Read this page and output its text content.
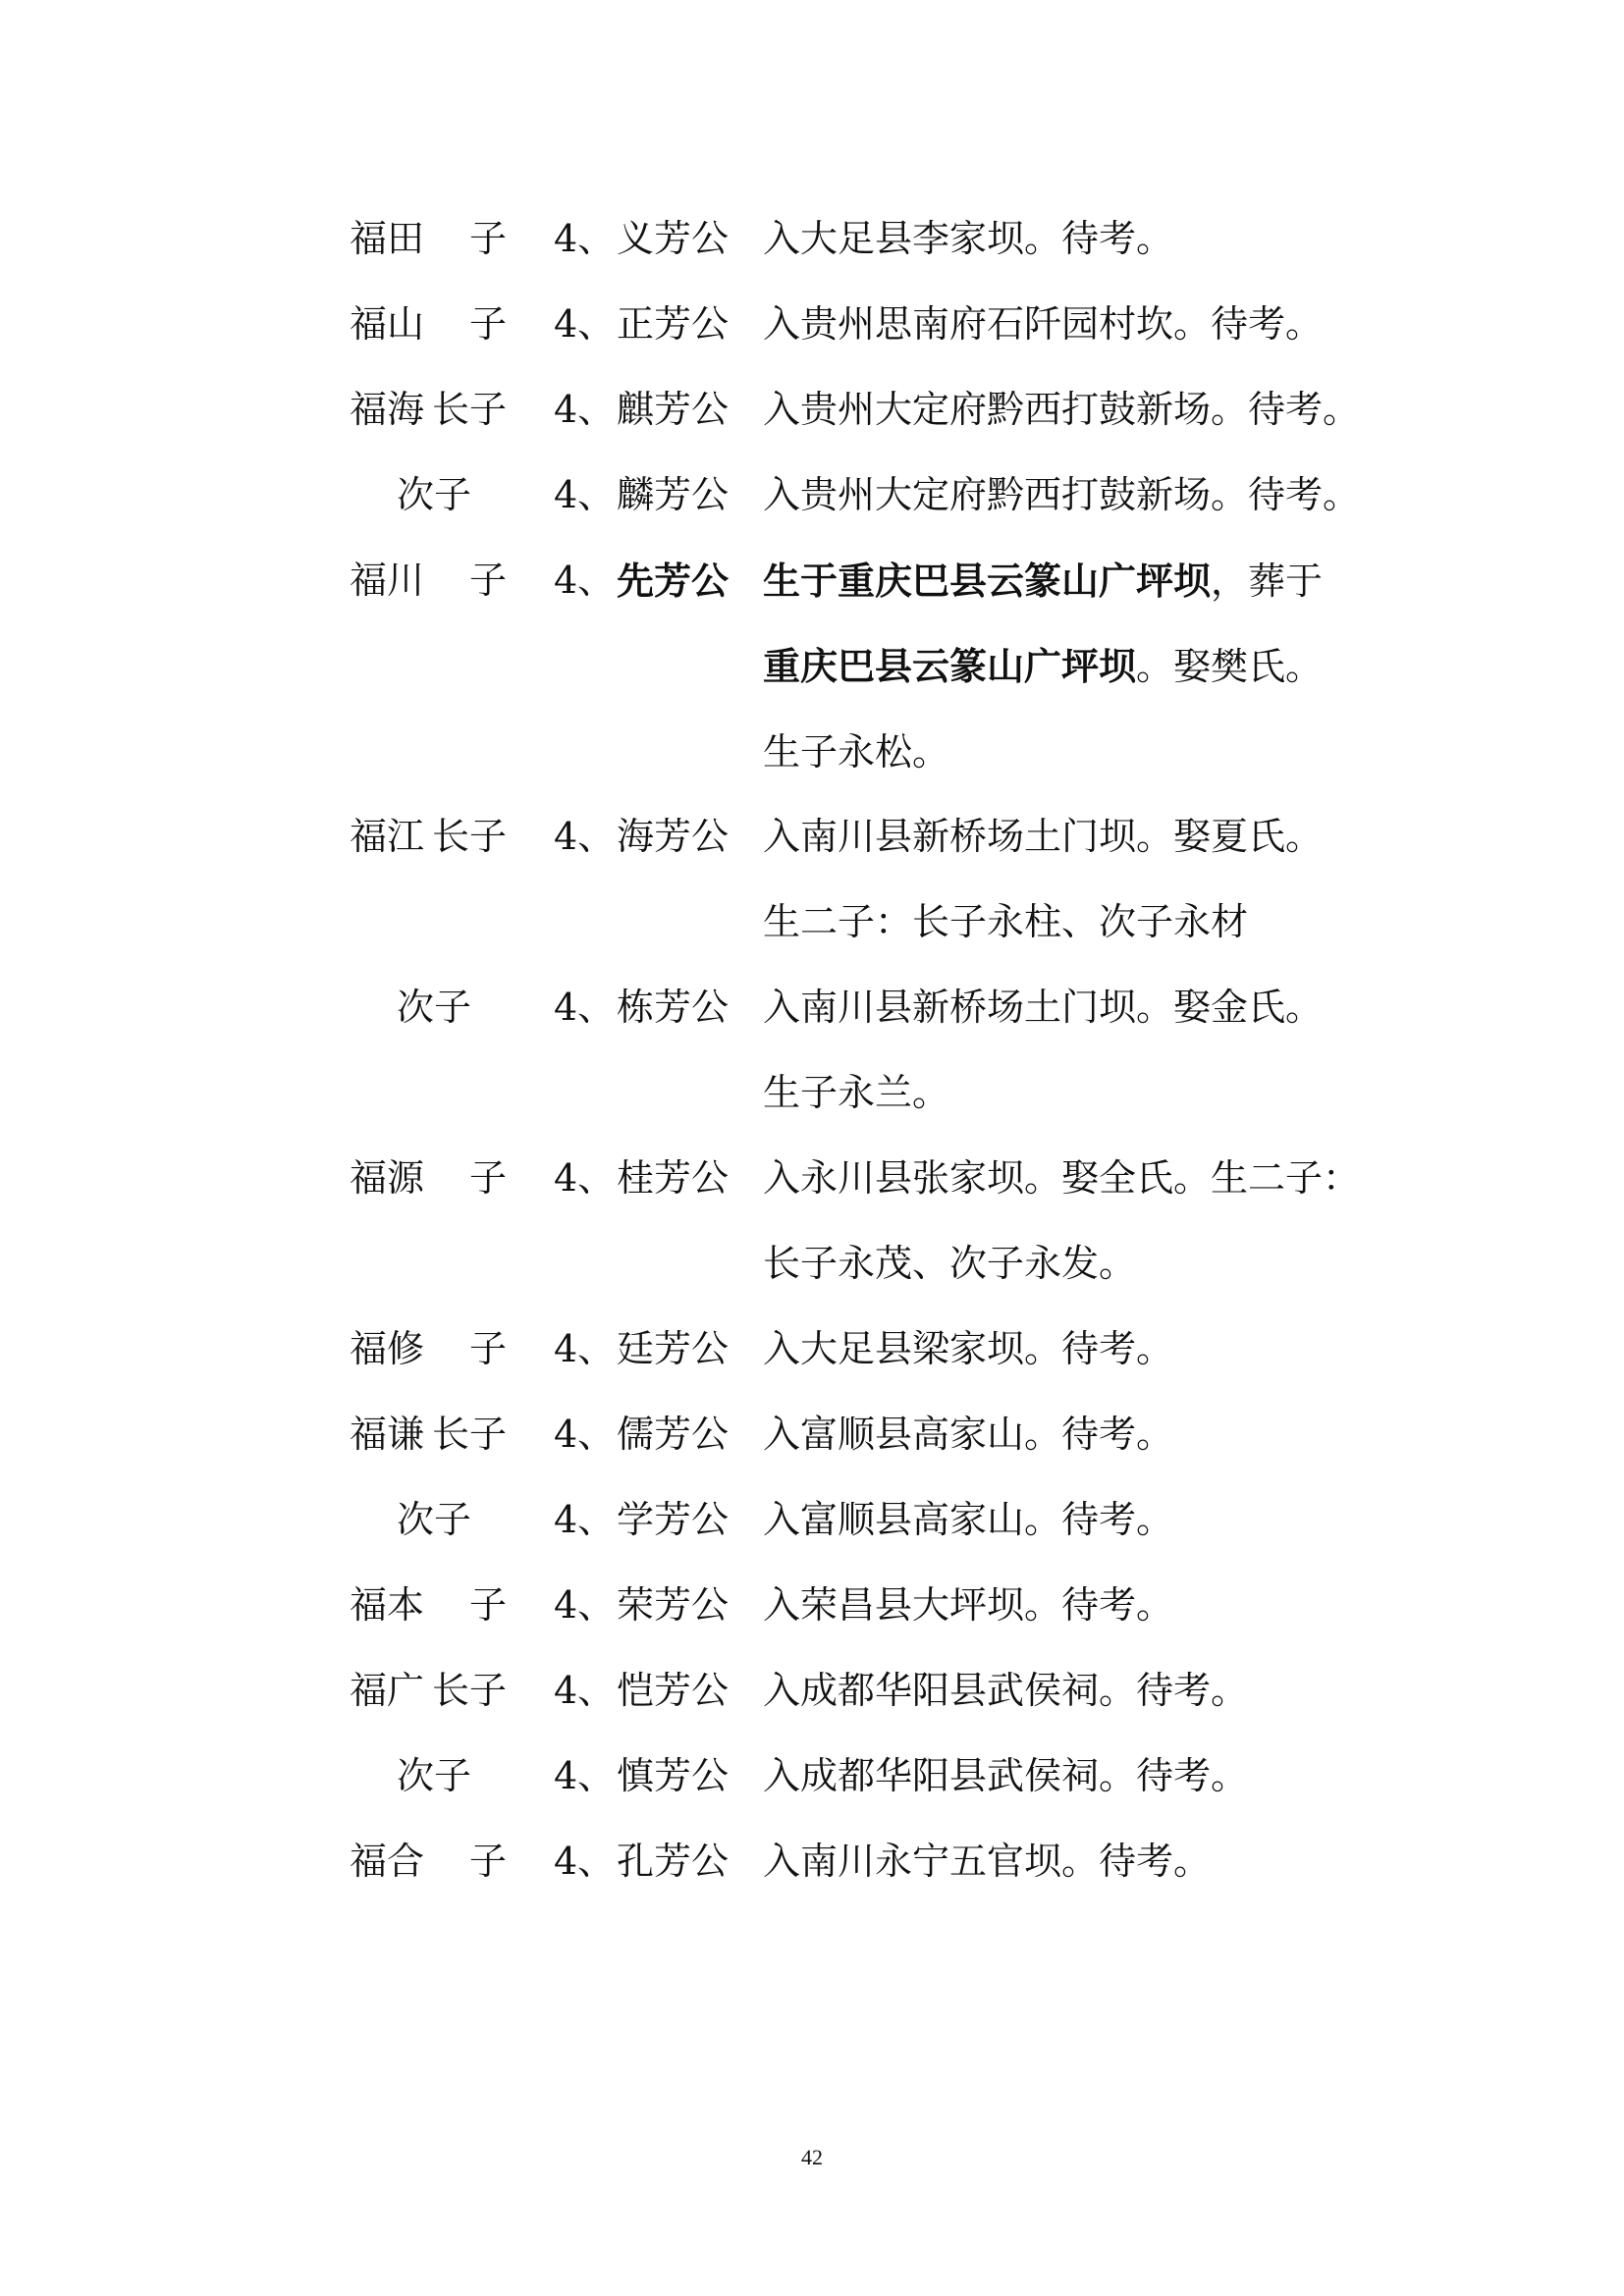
福田 子 4、 义芳公 入大足县李家坝。待考。
福山 子 4、 正芳公 入贵州思南府石阡园村坎。待考。
福海 长子 4、 麒芳公 入贵州大定府黔西打鼓新场。待考。
次子 4、 麟芳公 入贵州大定府黔西打鼓新场。待考。
福川 子 4、 先芳公 生于重庆巴县云篆山广坪坝，葬于
重庆巴县云篆山广坪坝。娶樊氏。
生子永松。
福江 长子 4、 海芳公 入南川县新桥场土门坝。娶夏氏。
生二子：长子永柱、次子永材
次子 4、 栋芳公 入南川县新桥场土门坝。娶金氏。
生子永兰。
福源 子 4、 桂芳公 入永川县张家坝。娶全氏。生二子：
长子永茂、次子永发。
福修 子 4、 廷芳公 入大足县梁家坝。待考。
福谦 长子 4、 儒芳公 入富顺县高家山。待考。
次子 4、 学芳公 入富顺县高家山。待考。
福本 子 4、 荣芳公 入荣昌县大坪坝。待考。
福广 长子 4、 恺芳公 入成都华阳县武侯祠。待考。
次子 4、 慎芳公 入成都华阳县武侯祠。待考。
福合 子 4、 孔芳公 入南川永宁五官坝。待考。
42
